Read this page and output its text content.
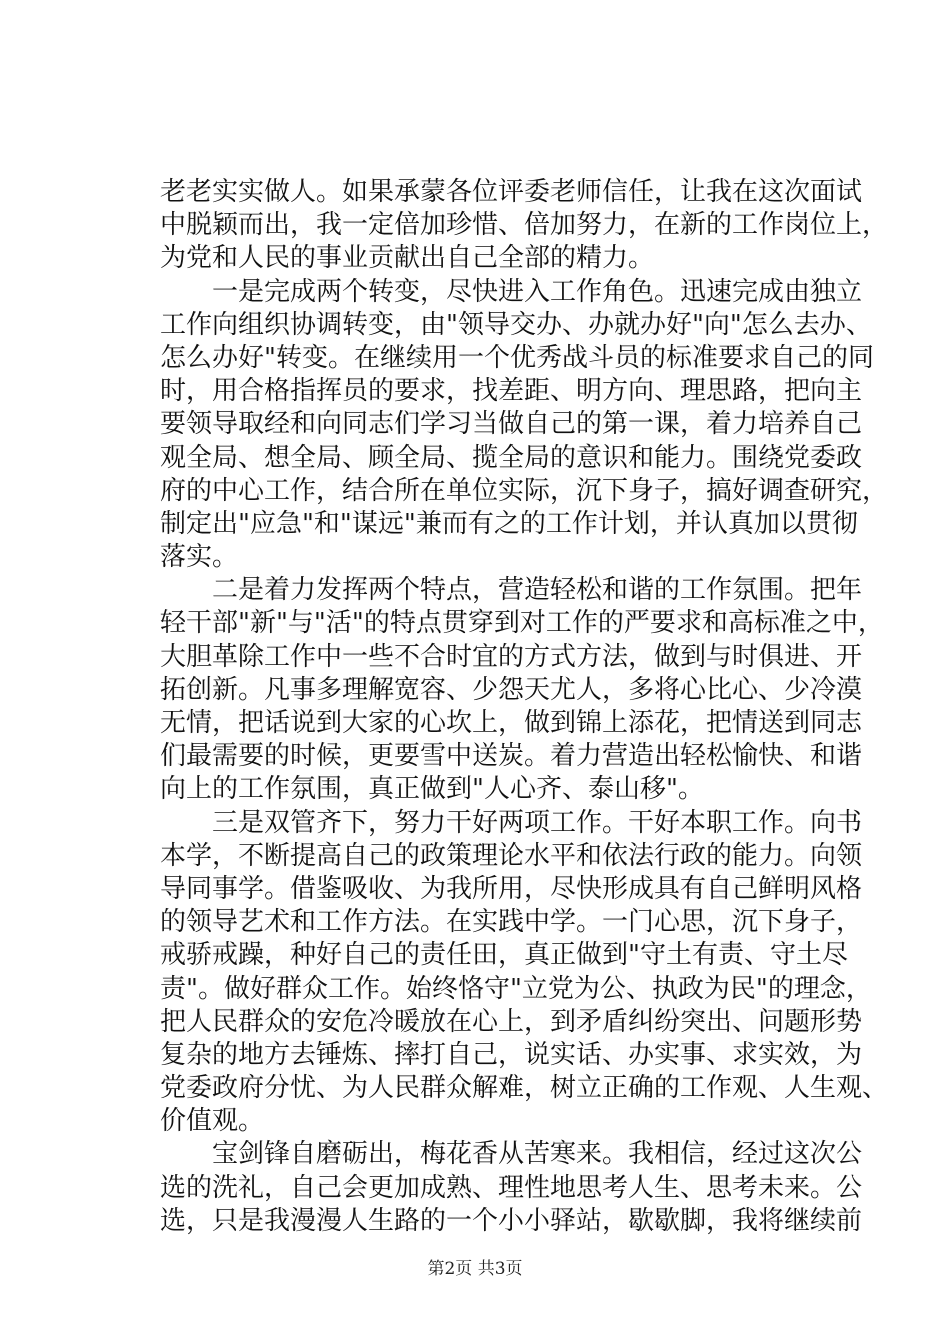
老老实实做人。如果承蒙各位评委老师信任，让我在这次面试
中脱颖而出，我一定倍加珍惜、倍加努力，在新的工作岗位上，
为党和人民的事业贡献出自己全部的精力。
　　一是完成两个转变，尽快进入工作角色。迅速完成由独立
工作向组织协调转变，由"领导交办、办就办好"向"怎么去办、
怎么办好"转变。在继续用一个优秀战斗员的标准要求自己的同
时，用合格指挥员的要求，找差距、明方向、理思路，把向主
要领导取经和向同志们学习当做自己的第一课，着力培养自己
观全局、想全局、顾全局、揽全局的意识和能力。围绕党委政
府的中心工作，结合所在单位实际，沉下身子，搞好调查研究，
制定出"应急"和"谋远"兼而有之的工作计划，并认真加以贯彻
落实。
　　二是着力发挥两个特点，营造轻松和谐的工作氛围。把年
轻干部"新"与"活"的特点贯穿到对工作的严要求和高标准之中，
大胆革除工作中一些不合时宜的方式方法，做到与时俱进、开
拓创新。凡事多理解宽容、少怨天尤人，多将心比心、少冷漠
无情，把话说到大家的心坎上，做到锦上添花，把情送到同志
们最需要的时候，更要雪中送炭。着力营造出轻松愉快、和谐
向上的工作氛围，真正做到"人心齐、泰山移"。
　　三是双管齐下，努力干好两项工作。干好本职工作。向书
本学，不断提高自己的政策理论水平和依法行政的能力。向领
导同事学。借鉴吸收、为我所用，尽快形成具有自己鲜明风格
的领导艺术和工作方法。在实践中学。一门心思，沉下身子，
戒骄戒躁，种好自己的责任田，真正做到"守土有责、守土尽
责"。做好群众工作。始终恪守"立党为公、执政为民"的理念，
把人民群众的安危冷暖放在心上，到矛盾纠纷突出、问题形势
复杂的地方去锤炼、摔打自己，说实话、办实事、求实效，为
党委政府分忧、为人民群众解难，树立正确的工作观、人生观、
价值观。
　　宝剑锋自磨砺出，梅花香从苦寒来。我相信，经过这次公
选的洗礼，自己会更加成熟、理性地思考人生、思考未来。公
选，只是我漫漫人生路的一个小小驿站，歇歇脚，我将继续前
第2页 共3页
